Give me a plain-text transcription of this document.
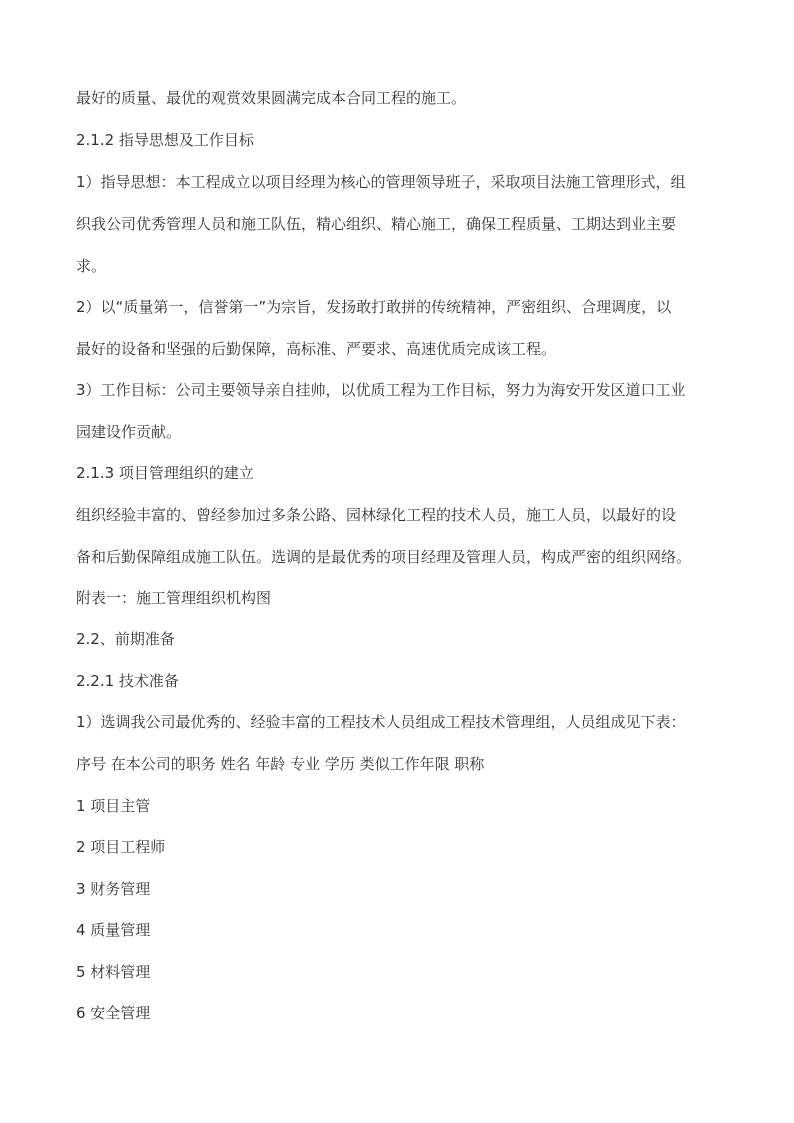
最好的质量、最优的观赏效果圆满完成本合同工程的施工。
2.1.2 指导思想及工作目标
1）指导思想：本工程成立以项目经理为核心的管理领导班子，采取项目法施工管理形式，组
织我公司优秀管理人员和施工队伍，精心组织、精心施工，确保工程质量、工期达到业主要
求。
2）以“质量第一，信誉第一”为宗旨，发扬敢打敢拼的传统精神，严密组织、合理调度，以
最好的设备和坚强的后勤保障，高标准、严要求、高速优质完成该工程。
3）工作目标：公司主要领导亲自挂帅，以优质工程为工作目标，努力为海安开发区道口工业
园建设作贡献。
2.1.3 项目管理组织的建立
组织经验丰富的、曾经参加过多条公路、园林绿化工程的技术人员，施工人员，以最好的设
备和后勤保障组成施工队伍。选调的是最优秀的项目经理及管理人员，构成严密的组织网络。
附表一：施工管理组织机构图
2.2、前期准备
2.2.1 技术准备
1）选调我公司最优秀的、经验丰富的工程技术人员组成工程技术管理组，人员组成见下表：
序号 在本公司的职务 姓名 年龄 专业 学历 类似工作年限 职称
1 项目主管
2 项目工程师
3 财务管理
4 质量管理
5 材料管理
6 安全管理
